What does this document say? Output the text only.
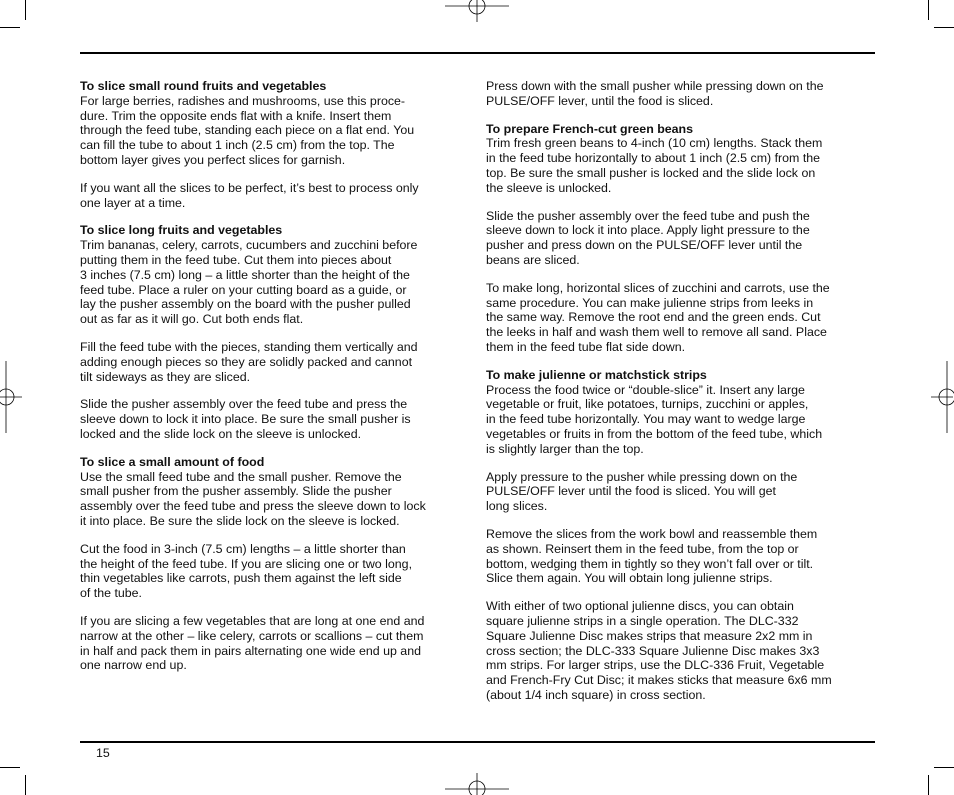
To slice small round fruits and vegetables

For large berries, radishes and mushrooms, use this proce-
dure. Trim the opposite ends flat with a knife. Insert them
through the feed tube, standing each piece on a flat end. You
can fill the tube to about 1 inch (2.5 cm) from the top. The
bottom layer gives you perfect slices for garnish.

If you want all the slices to be perfect, it’s best to process only
one layer at a time.

To slice long fruits and vegetables

Trim bananas, celery, carrots, cucumbers and zucchini before
putting them in the feed tube. Cut them into pieces about
3 inches (7.5 cm) long – a little shorter than the height of the
feed tube. Place a ruler on your cutting board as a guide, or
lay the pusher assembly on the board with the pusher pulled
out as far as it will go. Cut both ends flat.

Fill the feed tube with the pieces, standing them vertically and
adding enough pieces so they are solidly packed and cannot
tilt sideways as they are sliced.

Slide the pusher assembly over the feed tube and press the
sleeve down to lock it into place. Be sure the small pusher is
locked and the slide lock on the sleeve is unlocked.

To slice a small amount of food

Use the small feed tube and the small pusher. Remove the
small pusher from the pusher assembly. Slide the pusher
assembly over the feed tube and press the sleeve down to lock
it into place. Be sure the slide lock on the sleeve is locked.

Cut the food in 3-inch (7.5 cm) lengths – a little shorter than
the height of the feed tube. If you are slicing one or two long,
thin vegetables like carrots, push them against the left side
of the tube.

If you are slicing a few vegetables that are long at one end and
narrow at the other – like celery, carrots or scallions – cut them
in half and pack them in pairs alternating one wide end up and
one narrow end up.

Press down with the small pusher while pressing down on the
PULSE/OFF lever, until the food is sliced.

To prepare French-cut green beans

Trim fresh green beans to 4-inch (10 cm) lengths. Stack them
in the feed tube horizontally to about 1 inch (2.5 cm) from the
top. Be sure the small pusher is locked and the slide lock on
the sleeve is unlocked.

Slide the pusher assembly over the feed tube and push the
sleeve down to lock it into place. Apply light pressure to the
pusher and press down on the PULSE/OFF lever until the
beans are sliced.

To make long, horizontal slices of zucchini and carrots, use the
same procedure. You can make julienne strips from leeks in
the same way. Remove the root end and the green ends. Cut
the leeks in half and wash them well to remove all sand. Place
them in the feed tube flat side down.

To make julienne or matchstick strips

Process the food twice or “double-slice” it. Insert any large
vegetable or fruit, like potatoes, turnips, zucchini or apples,
in the feed tube horizontally. You may want to wedge large
vegetables or fruits in from the bottom of the feed tube, which
is slightly larger than the top.

Apply pressure to the pusher while pressing down on the
PULSE/OFF lever until the food is sliced. You will get
long slices.

Remove the slices from the work bowl and reassemble them
as shown. Reinsert them in the feed tube, from the top or
bottom, wedging them in tightly so they won’t fall over or tilt.
Slice them again. You will obtain long julienne strips.

With either of two optional julienne discs, you can obtain
square julienne strips in a single operation. The DLC-332
Square Julienne Disc makes strips that measure 2x2 mm in
cross section; the DLC-333 Square Julienne Disc makes 3x3
mm strips. For larger strips, use the DLC-336 Fruit, Vegetable
and French-Fry Cut Disc; it makes sticks that measure 6x6 mm
(about 1/4 inch square) in cross section.

15
